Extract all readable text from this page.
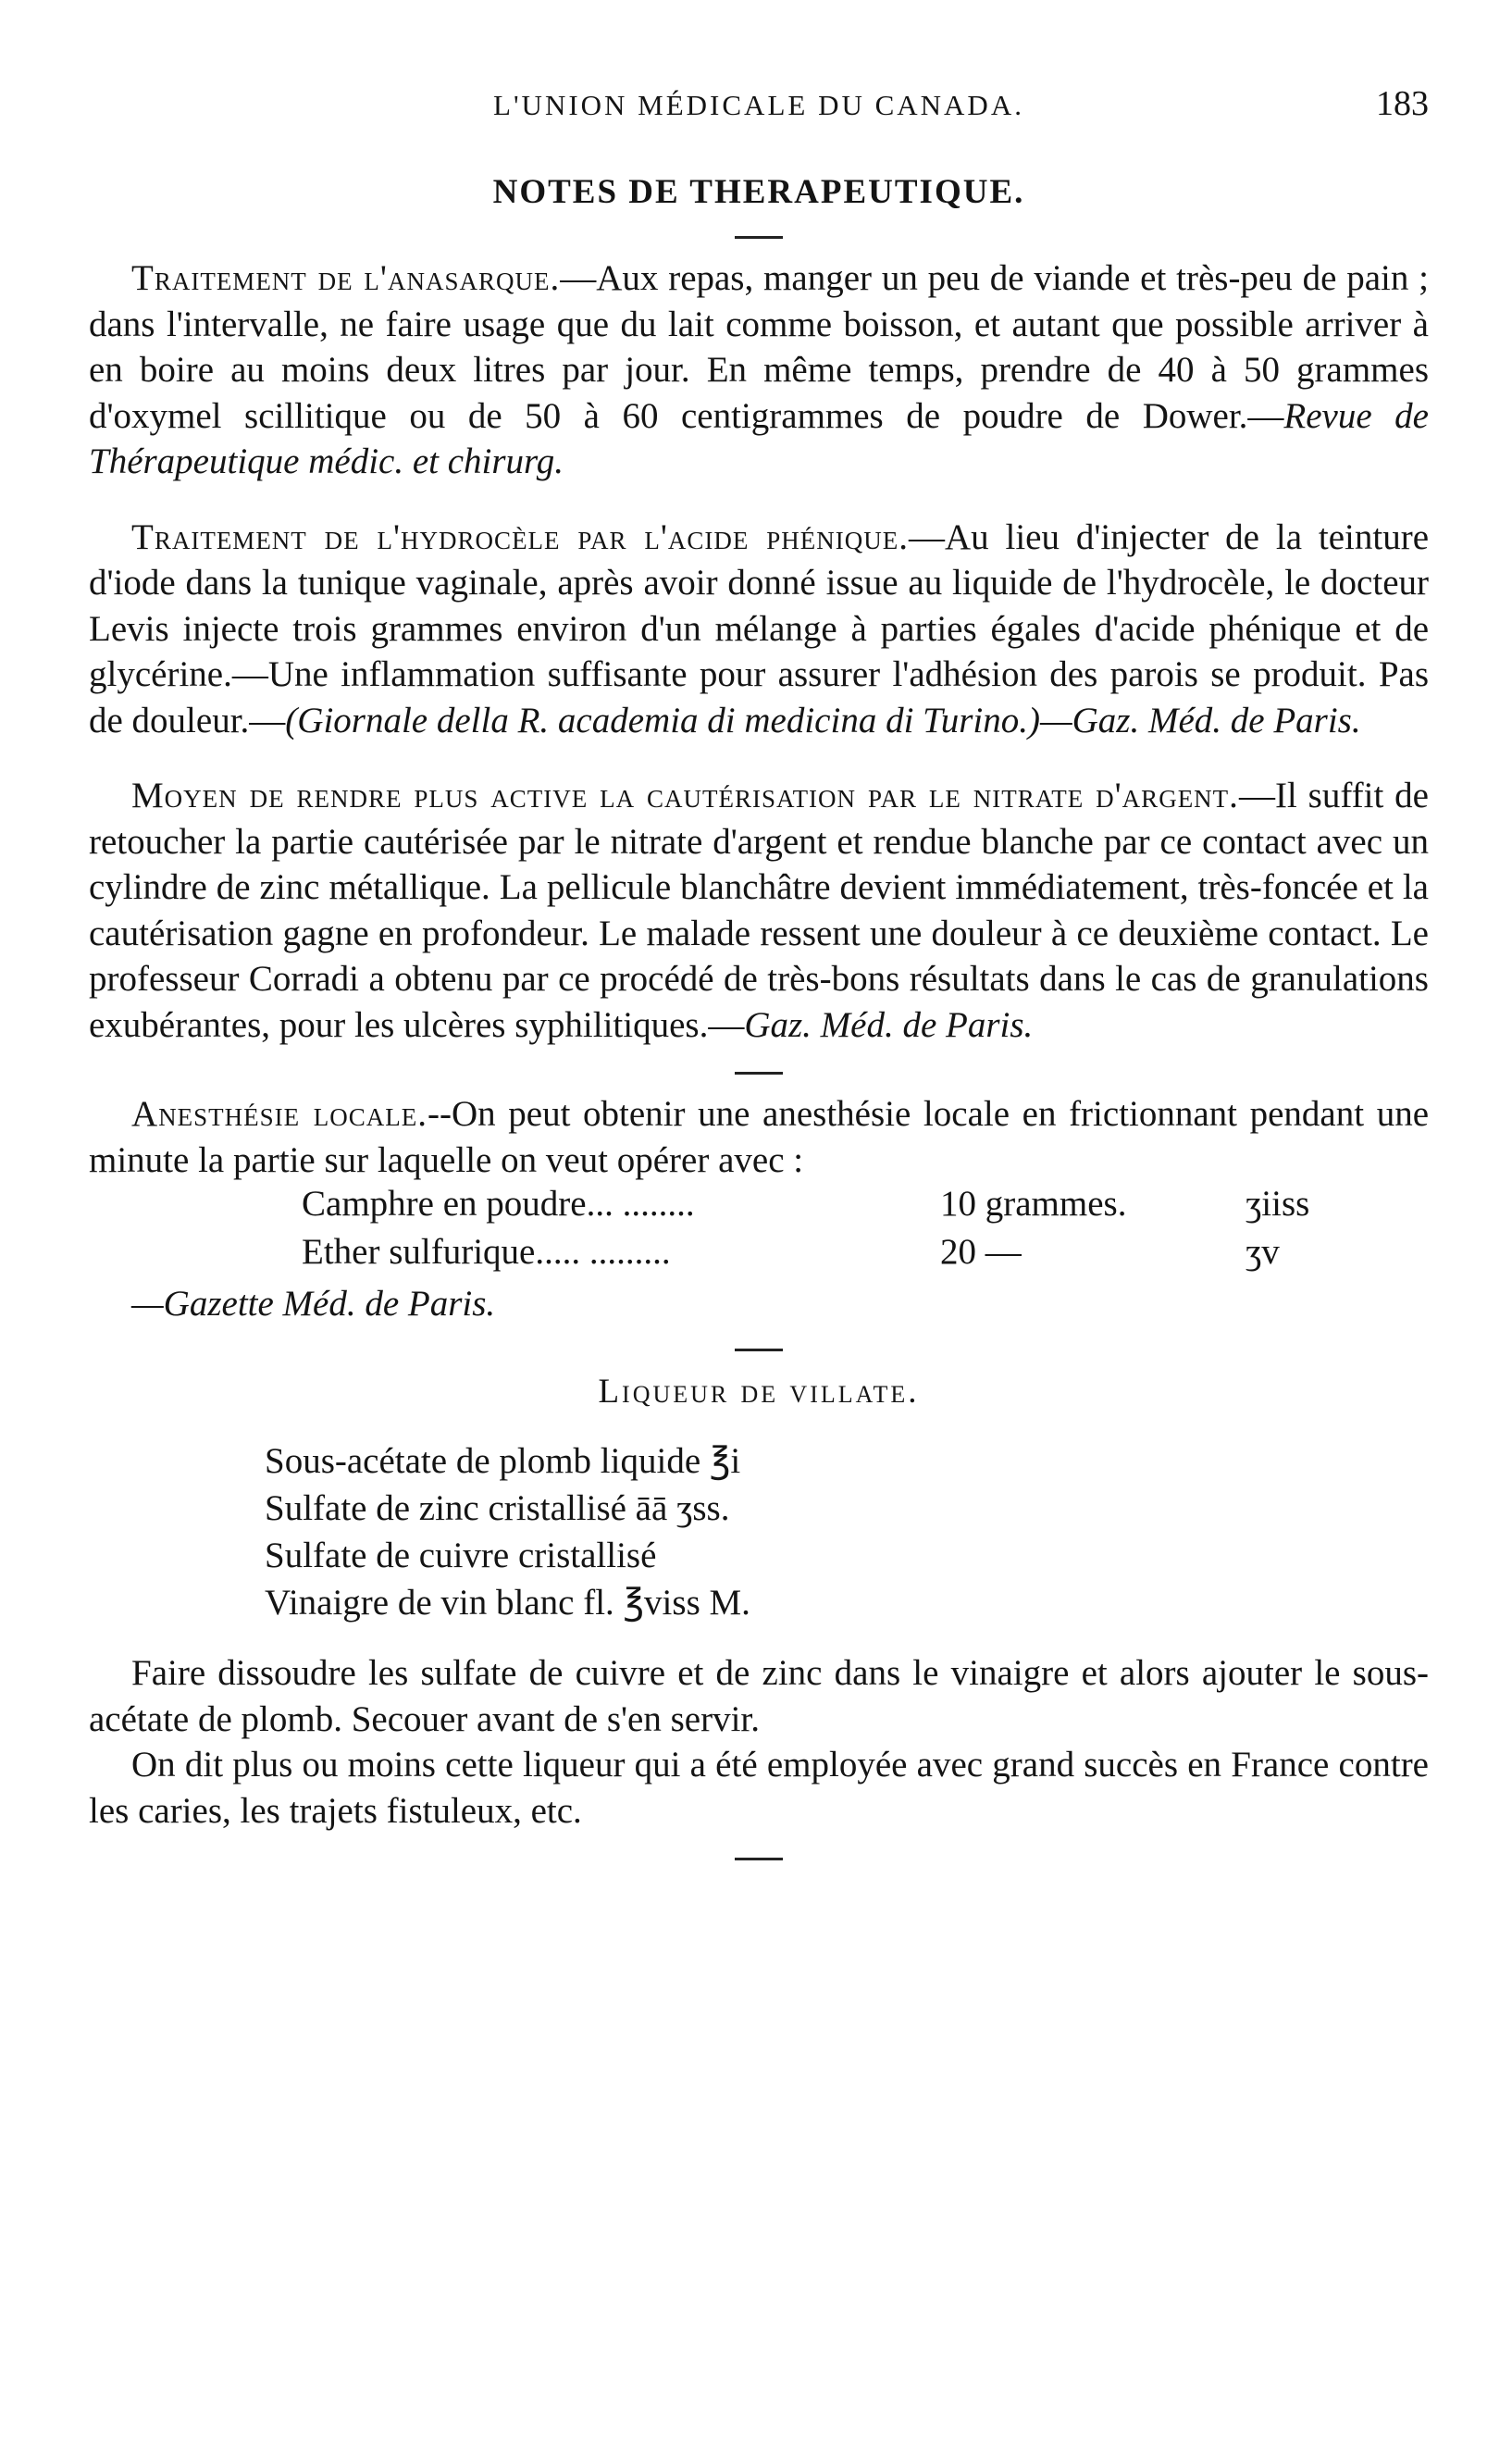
L'UNION MÉDICALE DU CANADA.	183
NOTES DE THERAPEUTIQUE.

Traitement de l'anasarque.—Aux repas, manger un peu de viande et très-peu de pain ; dans l'intervalle, ne faire usage que du lait comme boisson, et autant que possible arriver à en boire au moins deux litres par jour. En même temps, prendre de 40 à 50 grammes d'oxymel scillitique ou de 50 à 60 centigrammes de poudre de Dower.—Revue de Thérapeutique médic. et chirurg.

Traitement de l'hydrocèle par l'acide phénique.—Au lieu d'injecter de la teinture d'iode dans la tunique vaginale, après avoir donné issue au liquide de l'hydrocèle, le docteur Levis injecte trois grammes environ d'un mélange à parties égales d'acide phénique et de glycérine.—Une inflammation suffisante pour assurer l'adhésion des parois se produit. Pas de douleur.—(Giornale della R. academia di medicina di Turino.)—Gaz. Méd. de Paris.

Moyen de rendre plus active la cautérisation par le nitrate d'argent.—Il suffit de retoucher la partie cautérisée par le nitrate d'argent et rendue blanche par ce contact avec un cylindre de zinc métallique. La pellicule blanchâtre devient immédiatement, très-foncée et la cautérisation gagne en profondeur. Le malade ressent une douleur à ce deuxième contact. Le professeur Corradi a obtenu par ce procédé de très-bons résultats dans le cas de granulations exubérantes, pour les ulcères syphilitiques.—Gaz. Méd. de Paris.

Anesthésie locale.--On peut obtenir une anesthésie locale en frictionnant pendant une minute la partie sur laquelle on veut opérer avec :

Camphre en poudre... ........	10 grammes.	ʒiiss
Ether sulfurique..... .........	20 —	ʒv
—Gazette Méd. de Paris.
Liqueur de villate.
Sous-acétate de plomb liquide ℥i
Sulfate de zinc cristallisé āā ʒss.
Sulfate de cuivre cristallisé
Vinaigre de vin blanc fl. ℥viss M.

Faire dissoudre les sulfate de cuivre et de zinc dans le vinaigre et alors ajouter le sous-acétate de plomb. Secouer avant de s'en servir.

On dit plus ou moins cette liqueur qui a été employée avec grand succès en France contre les caries, les trajets fistuleux, etc.
